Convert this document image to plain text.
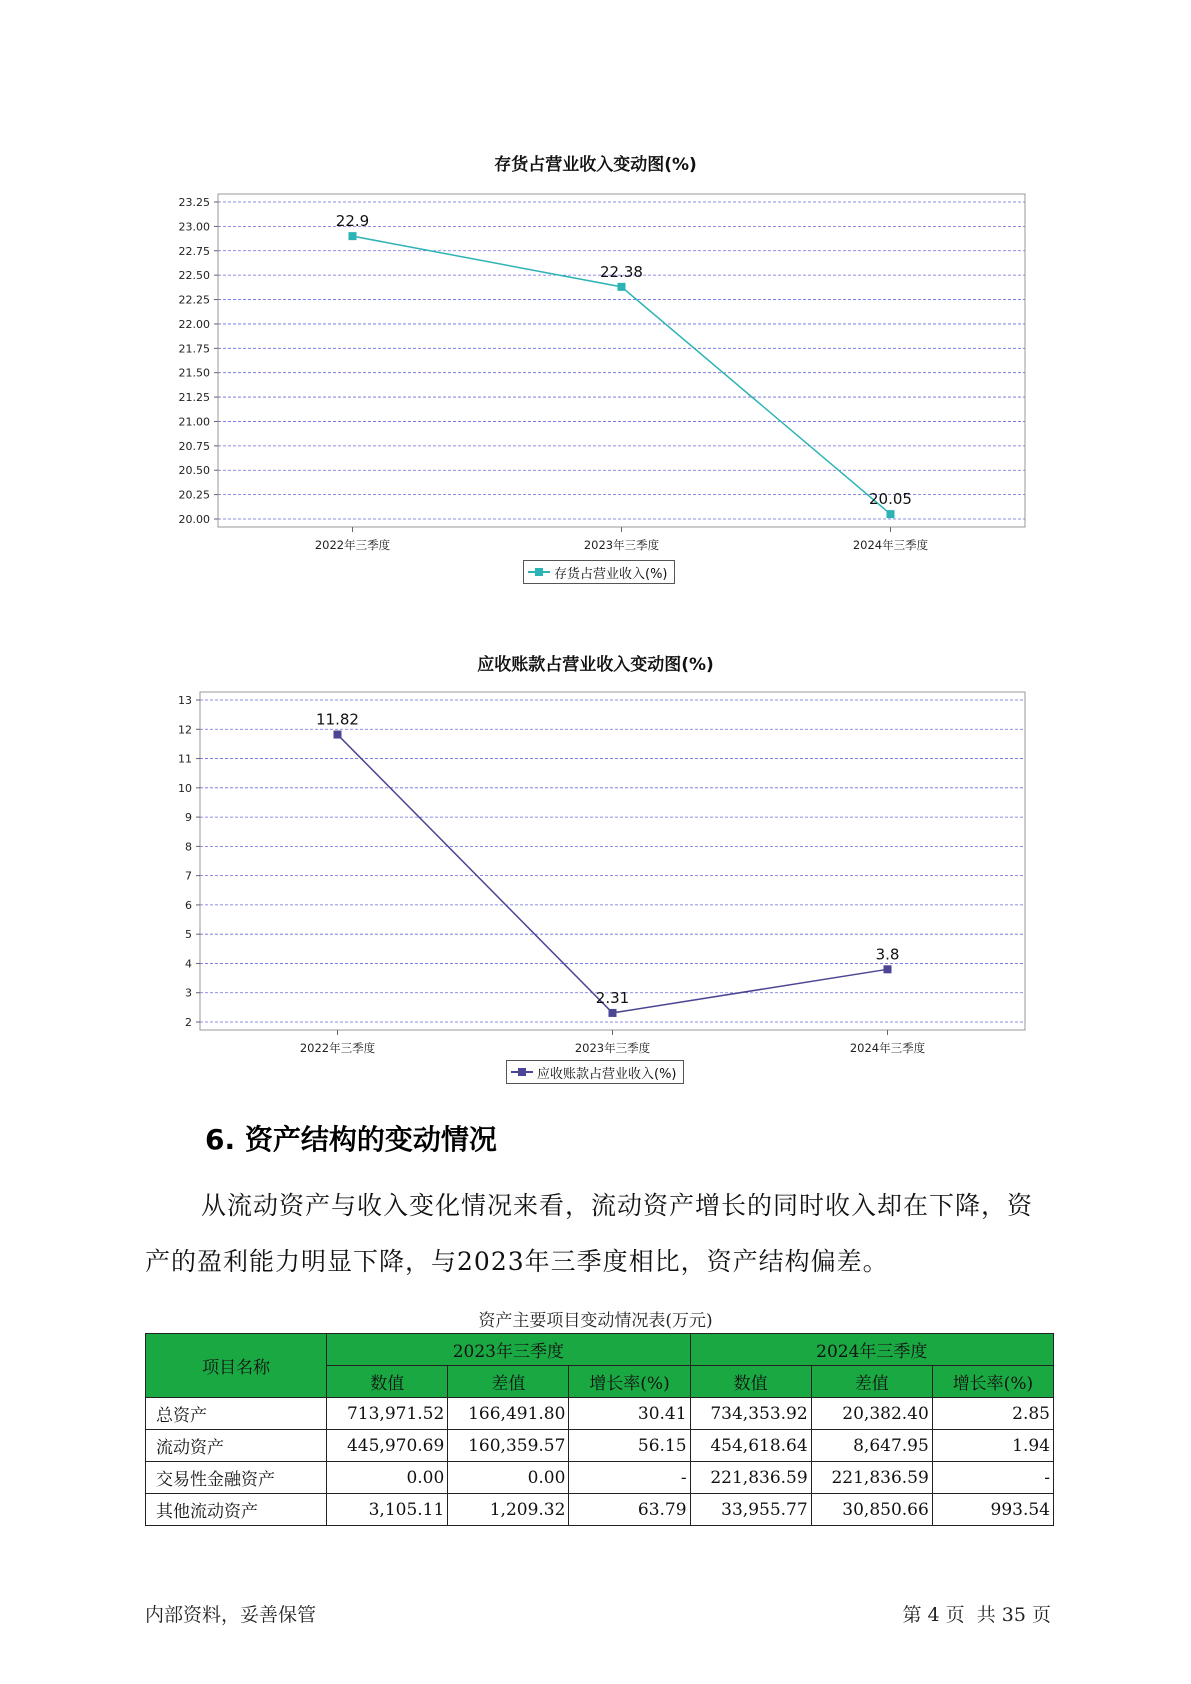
存货占营业收入变动图(%)
20.00
20.25
20.50
20.75
21.00
21.25
21.50
21.75
22.00
22.25
22.50
22.75
23.00
23.25
2022年三季度	2023年三季度	2024年三季度
22.9
22.38
20.05
存货占营业收入(%)
应收账款占营业收入变动图(%)
2
3
4
5
6
7
8
9
10
11
12
13
2022年三季度	2023年三季度	2024年三季度
11.82
2.31
3.8
应收账款占营业收入(%)
6. 资产结构的变动情况
从流动资产与收入变化情况来看，流动资产增长的同时收入却在下降，资产的盈利能力明显下降，与2023年三季度相比，资产结构偏差。
资产主要项目变动情况表(万元)
项目名称	2023年三季度			2024年三季度		
	数值	差值	增长率(%)	数值	差值	增长率(%)
总资产	713,971.52	166,491.80	30.41	734,353.92	20,382.40	2.85
流动资产	445,970.69	160,359.57	56.15	454,618.64	8,647.95	1.94
交易性金融资产	0.00	0.00	-	221,836.59	221,836.59	-
其他流动资产	3,105.11	1,209.32	63.79	33,955.77	30,850.66	993.54
内部资料，妥善保管	第 4 页  共 35 页
